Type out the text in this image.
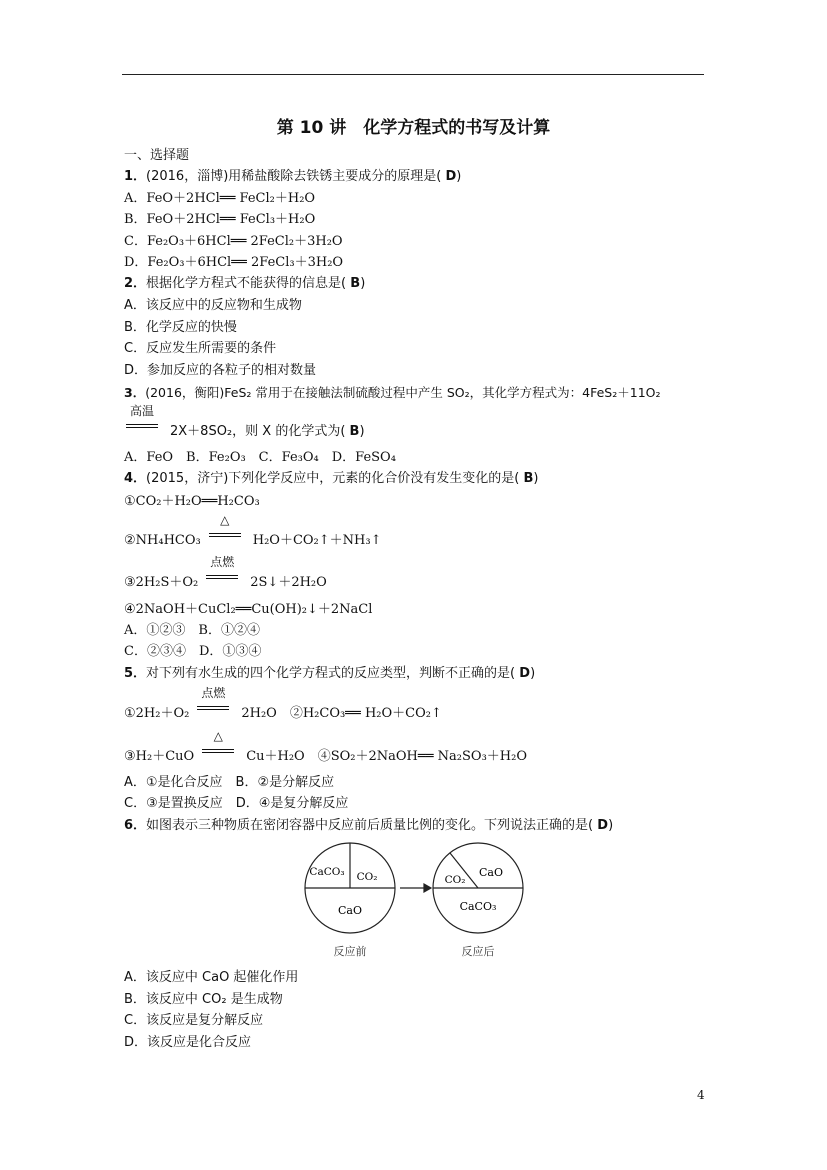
第 10 讲　化学方程式的书写及计算
一、选择题
1．(2016，淄博)用稀盐酸除去铁锈主要成分的原理是( D)
A．FeO＋2HCl══ FeCl₂＋H₂O
B．FeO＋2HCl══ FeCl₃＋H₂O
C．Fe₂O₃＋6HCl══ 2FeCl₂＋3H₂O
D．Fe₂O₃＋6HCl══ 2FeCl₃＋3H₂O
2．根据化学方程式不能获得的信息是( B)
A．该反应中的反应物和生成物
B．化学反应的快慢
C．反应发生所需要的条件
D．参加反应的各粒子的相对数量
3．(2016，衡阳)FeS₂ 常用于在接触法制硫酸过程中产生 SO₂，其化学方程式为：4FeS₂＋11O₂
高温
2X＋8SO₂，则 X 的化学式为( B)
A．FeO　B．Fe₂O₃　C．Fe₃O₄　D．FeSO₄
4．(2015，济宁)下列化学反应中，元素的化合价没有发生变化的是( B)
①CO₂＋H₂O══H₂CO₃
②NH₄HCO₃
△
H₂O＋CO₂↑＋NH₃↑
③2H₂S＋O₂
点燃
2S↓＋2H₂O
④2NaOH＋CuCl₂══Cu(OH)₂↓＋2NaCl
A．①②③　B．①②④
C．②③④　D．①③④
5．对下列有水生成的四个化学方程式的反应类型，判断不正确的是( D)
①2H₂＋O₂
点燃
2H₂O　②H₂CO₃══ H₂O＋CO₂↑
③H₂＋CuO
△
Cu＋H₂O　④SO₂＋2NaOH══ Na₂SO₃＋H₂O
A．①是化合反应　B．②是分解反应
C．③是置换反应　D．④是复分解反应
6．如图表示三种物质在密闭容器中反应前后质量比例的变化。下列说法正确的是( D)
CaCO₃ CO₂
CaO
CO₂
CaO
CaCO₃
反应前	反应后
A．该反应中 CaO 起催化作用
B．该反应中 CO₂ 是生成物
C．该反应是复分解反应
D．该反应是化合反应
4
